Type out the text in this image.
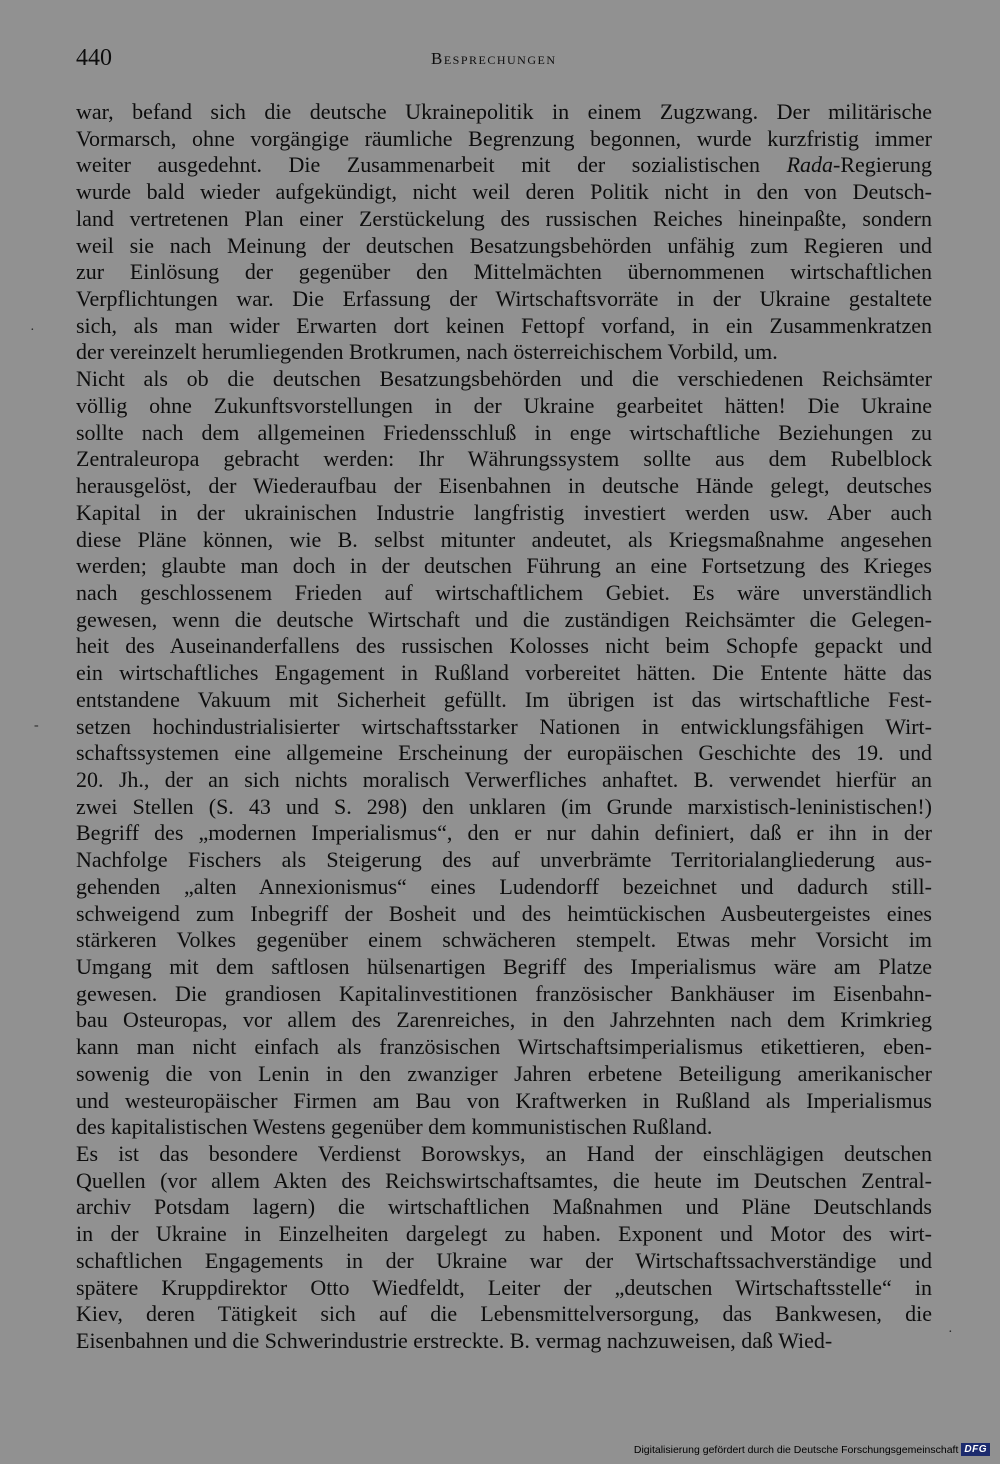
440	Besprechungen
war, befand sich die deutsche Ukrainepolitik in einem Zugzwang. Der militärische
Vormarsch, ohne vorgängige räumliche Begrenzung begonnen, wurde kurzfristig immer
weiter ausgedehnt. Die Zusammenarbeit mit der sozialistischen Rada-Regierung
wurde bald wieder aufgekündigt, nicht weil deren Politik nicht in den von Deutsch-
land vertretenen Plan einer Zerstückelung des russischen Reiches hineinpaßte, sondern
weil sie nach Meinung der deutschen Besatzungsbehörden unfähig zum Regieren und
zur Einlösung der gegenüber den Mittelmächten übernommenen wirtschaftlichen
Verpflichtungen war. Die Erfassung der Wirtschaftsvorräte in der Ukraine gestaltete
sich, als man wider Erwarten dort keinen Fettopf vorfand, in ein Zusammenkratzen
der vereinzelt herumliegenden Brotkrumen, nach österreichischem Vorbild, um.
Nicht als ob die deutschen Besatzungsbehörden und die verschiedenen Reichsämter
völlig ohne Zukunftsvorstellungen in der Ukraine gearbeitet hätten! Die Ukraine
sollte nach dem allgemeinen Friedensschluß in enge wirtschaftliche Beziehungen zu
Zentraleuropa gebracht werden: Ihr Währungssystem sollte aus dem Rubelblock
herausgelöst, der Wiederaufbau der Eisenbahnen in deutsche Hände gelegt, deutsches
Kapital in der ukrainischen Industrie langfristig investiert werden usw. Aber auch
diese Pläne können, wie B. selbst mitunter andeutet, als Kriegsmaßnahme angesehen
werden; glaubte man doch in der deutschen Führung an eine Fortsetzung des Krieges
nach geschlossenem Frieden auf wirtschaftlichem Gebiet. Es wäre unverständlich
gewesen, wenn die deutsche Wirtschaft und die zuständigen Reichsämter die Gelegen-
heit des Auseinanderfallens des russischen Kolosses nicht beim Schopfe gepackt und
ein wirtschaftliches Engagement in Rußland vorbereitet hätten. Die Entente hätte das
entstandene Vakuum mit Sicherheit gefüllt. Im übrigen ist das wirtschaftliche Fest-
setzen hochindustrialisierter wirtschaftsstarker Nationen in entwicklungsfähigen Wirt-
schaftssystemen eine allgemeine Erscheinung der europäischen Geschichte des 19. und
20. Jh., der an sich nichts moralisch Verwerfliches anhaftet. B. verwendet hierfür an
zwei Stellen (S. 43 und S. 298) den unklaren (im Grunde marxistisch-leninistischen!)
Begriff des „modernen Imperialismus“, den er nur dahin definiert, daß er ihn in der
Nachfolge Fischers als Steigerung des auf unverbrämte Territorialangliederung aus-
gehenden „alten Annexionismus“ eines Ludendorff bezeichnet und dadurch still-
schweigend zum Inbegriff der Bosheit und des heimtückischen Ausbeutergeistes eines
stärkeren Volkes gegenüber einem schwächeren stempelt. Etwas mehr Vorsicht im
Umgang mit dem saftlosen hülsenartigen Begriff des Imperialismus wäre am Platze
gewesen. Die grandiosen Kapitalinvestitionen französischer Bankhäuser im Eisenbahn-
bau Osteuropas, vor allem des Zarenreiches, in den Jahrzehnten nach dem Krimkrieg
kann man nicht einfach als französischen Wirtschaftsimperialismus etikettieren, eben-
sowenig die von Lenin in den zwanziger Jahren erbetene Beteiligung amerikanischer
und westeuropäischer Firmen am Bau von Kraftwerken in Rußland als Imperialismus
des kapitalistischen Westens gegenüber dem kommunistischen Rußland.
Es ist das besondere Verdienst Borowskys, an Hand der einschlägigen deutschen
Quellen (vor allem Akten des Reichswirtschaftsamtes, die heute im Deutschen Zentral-
archiv Potsdam lagern) die wirtschaftlichen Maßnahmen und Pläne Deutschlands
in der Ukraine in Einzelheiten dargelegt zu haben. Exponent und Motor des wirt-
schaftlichen Engagements in der Ukraine war der Wirtschaftssachverständige und
spätere Kruppdirektor Otto Wiedfeldt, Leiter der „deutschen Wirtschaftsstelle“ in
Kiev, deren Tätigkeit sich auf die Lebensmittelversorgung, das Bankwesen, die
Eisenbahnen und die Schwerindustrie erstreckte. B. vermag nachzuweisen, daß Wied-
·
-
·
Digitalisierung gefördert durch die Deutsche Forschungsgemeinschaft DFG
